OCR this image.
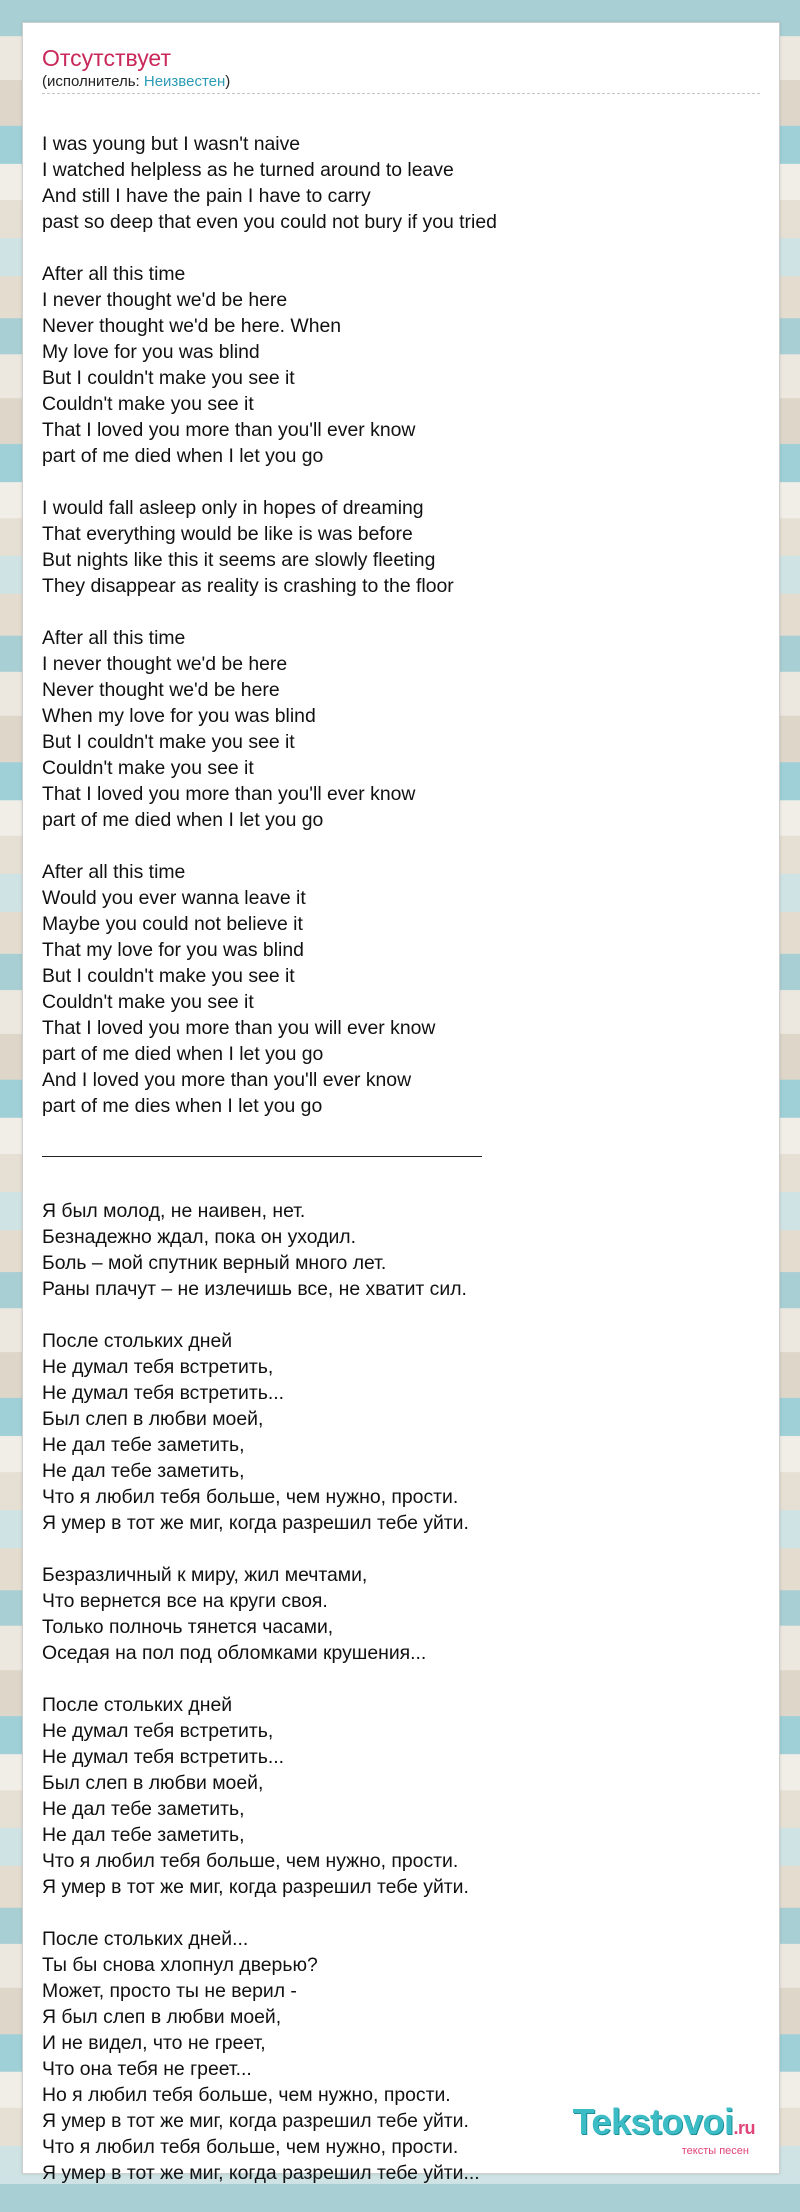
Отсутствует
(исполнитель: Неизвестен)

I was young but I wasn't naive
I watched helpless as he turned around to leave
And still I have the pain I have to carry
past so deep that even you could not bury if you tried

After all this time
I never thought we'd be here
Never thought we'd be here. When
My love for you was blind
But I couldn't make you see it
Couldn't make you see it
That I loved you more than you'll ever know
part of me died when I let you go

I would fall asleep only in hopes of dreaming
That everything would be like is was before
But nights like this it seems are slowly fleeting
They disappear as reality is crashing to the floor

After all this time
I never thought we'd be here
Never thought we'd be here
When my love for you was blind
But I couldn't make you see it
Couldn't make you see it
That I loved you more than you'll ever know
part of me died when I let you go

After all this time
Would you ever wanna leave it
Maybe you could not believe it
That my love for you was blind
But I couldn't make you see it
Couldn't make you see it
That I loved you more than you will ever know
part of me died when I let you go
And I loved you more than you'll ever know
part of me dies when I let you go

Я был молод, не наивен, нет.
Безнадежно ждал, пока он уходил.
Боль – мой спутник верный много лет.
Раны плачут – не излечишь все, не хватит сил.

После стольких дней
Не думал тебя встретить,
Не думал тебя встретить...
Был слеп в любви моей,
Не дал тебе заметить,
Не дал тебе заметить,
Что я любил тебя больше, чем нужно, прости.
Я умер в тот же миг, когда разрешил тебе уйти.

Безразличный к миру, жил мечтами,
Что вернется все на круги своя.
Только полночь тянется часами,
Оседая на пол под обломками крушения...

После стольких дней
Не думал тебя встретить,
Не думал тебя встретить...
Был слеп в любви моей,
Не дал тебе заметить,
Не дал тебе заметить,
Что я любил тебя больше, чем нужно, прости.
Я умер в тот же миг, когда разрешил тебе уйти.

После стольких дней...
Ты бы снова хлопнул дверью?
Может, просто ты не верил -
Я был слеп в любви моей,
И не видел, что не греет,
Что она тебя не греет...
Но я любил тебя больше, чем нужно, прости.
Я умер в тот же миг, когда разрешил тебе уйти.
Что я любил тебя больше, чем нужно, прости.
Я умер в тот же миг, когда разрешил тебе уйти...

Tekstovoi.ru
тексты песен
